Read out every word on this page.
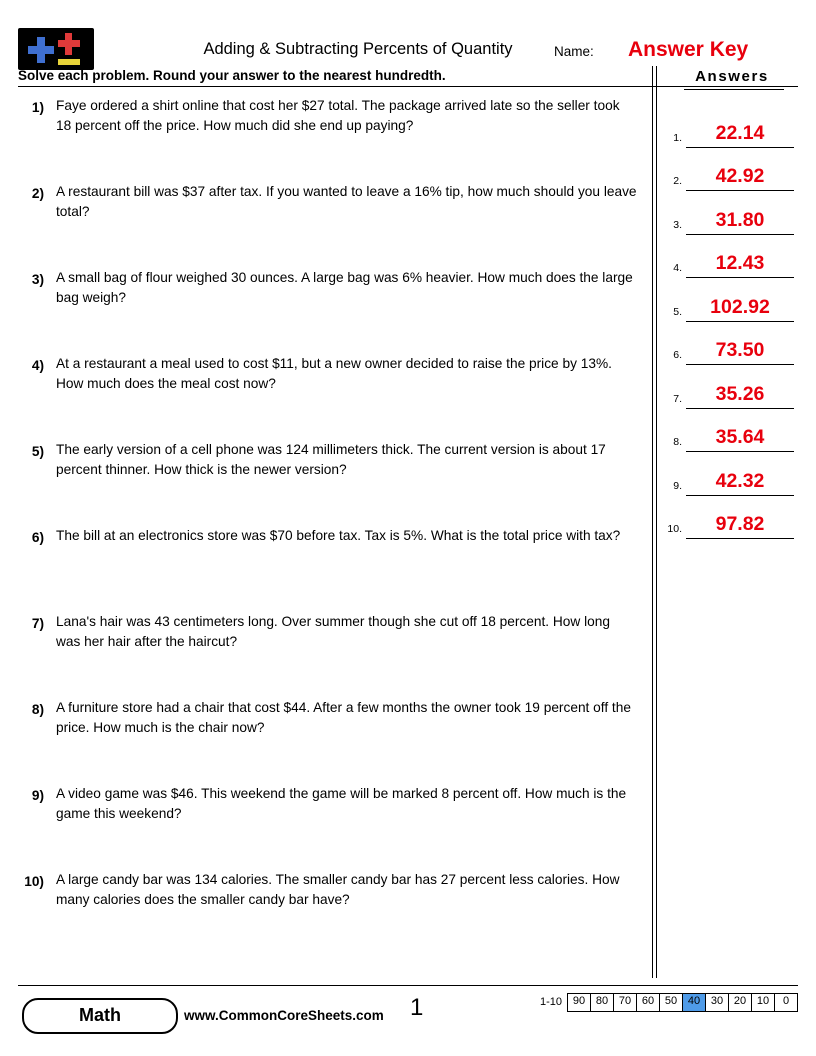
Adding & Subtracting Percents of Quantity	Name: Answer Key
Solve each problem. Round your answer to the nearest hundredth.
1) Faye ordered a shirt online that cost her $27 total. The package arrived late so the seller took 18 percent off the price. How much did she end up paying?
2) A restaurant bill was $37 after tax. If you wanted to leave a 16% tip, how much should you leave total?
3) A small bag of flour weighed 30 ounces. A large bag was 6% heavier. How much does the large bag weigh?
4) At a restaurant a meal used to cost $11, but a new owner decided to raise the price by 13%. How much does the meal cost now?
5) The early version of a cell phone was 124 millimeters thick. The current version is about 17 percent thinner. How thick is the newer version?
6) The bill at an electronics store was $70 before tax. Tax is 5%. What is the total price with tax?
7) Lana's hair was 43 centimeters long. Over summer though she cut off 18 percent. How long was her hair after the haircut?
8) A furniture store had a chair that cost $44. After a few months the owner took 19 percent off the price. How much is the chair now?
9) A video game was $46. This weekend the game will be marked 8 percent off. How much is the game this weekend?
10) A large candy bar was 134 calories. The smaller candy bar has 27 percent less calories. How many calories does the smaller candy bar have?
Answers
1.	22.14
2.	42.92
3.	31.80
4.	12.43
5.	102.92
6.	73.50
7.	35.26
8.	35.64
9.	42.32
10.	97.82
Math	www.CommonCoreSheets.com 1	1-10 90 80 70 60 50 40 30 20 10	0
